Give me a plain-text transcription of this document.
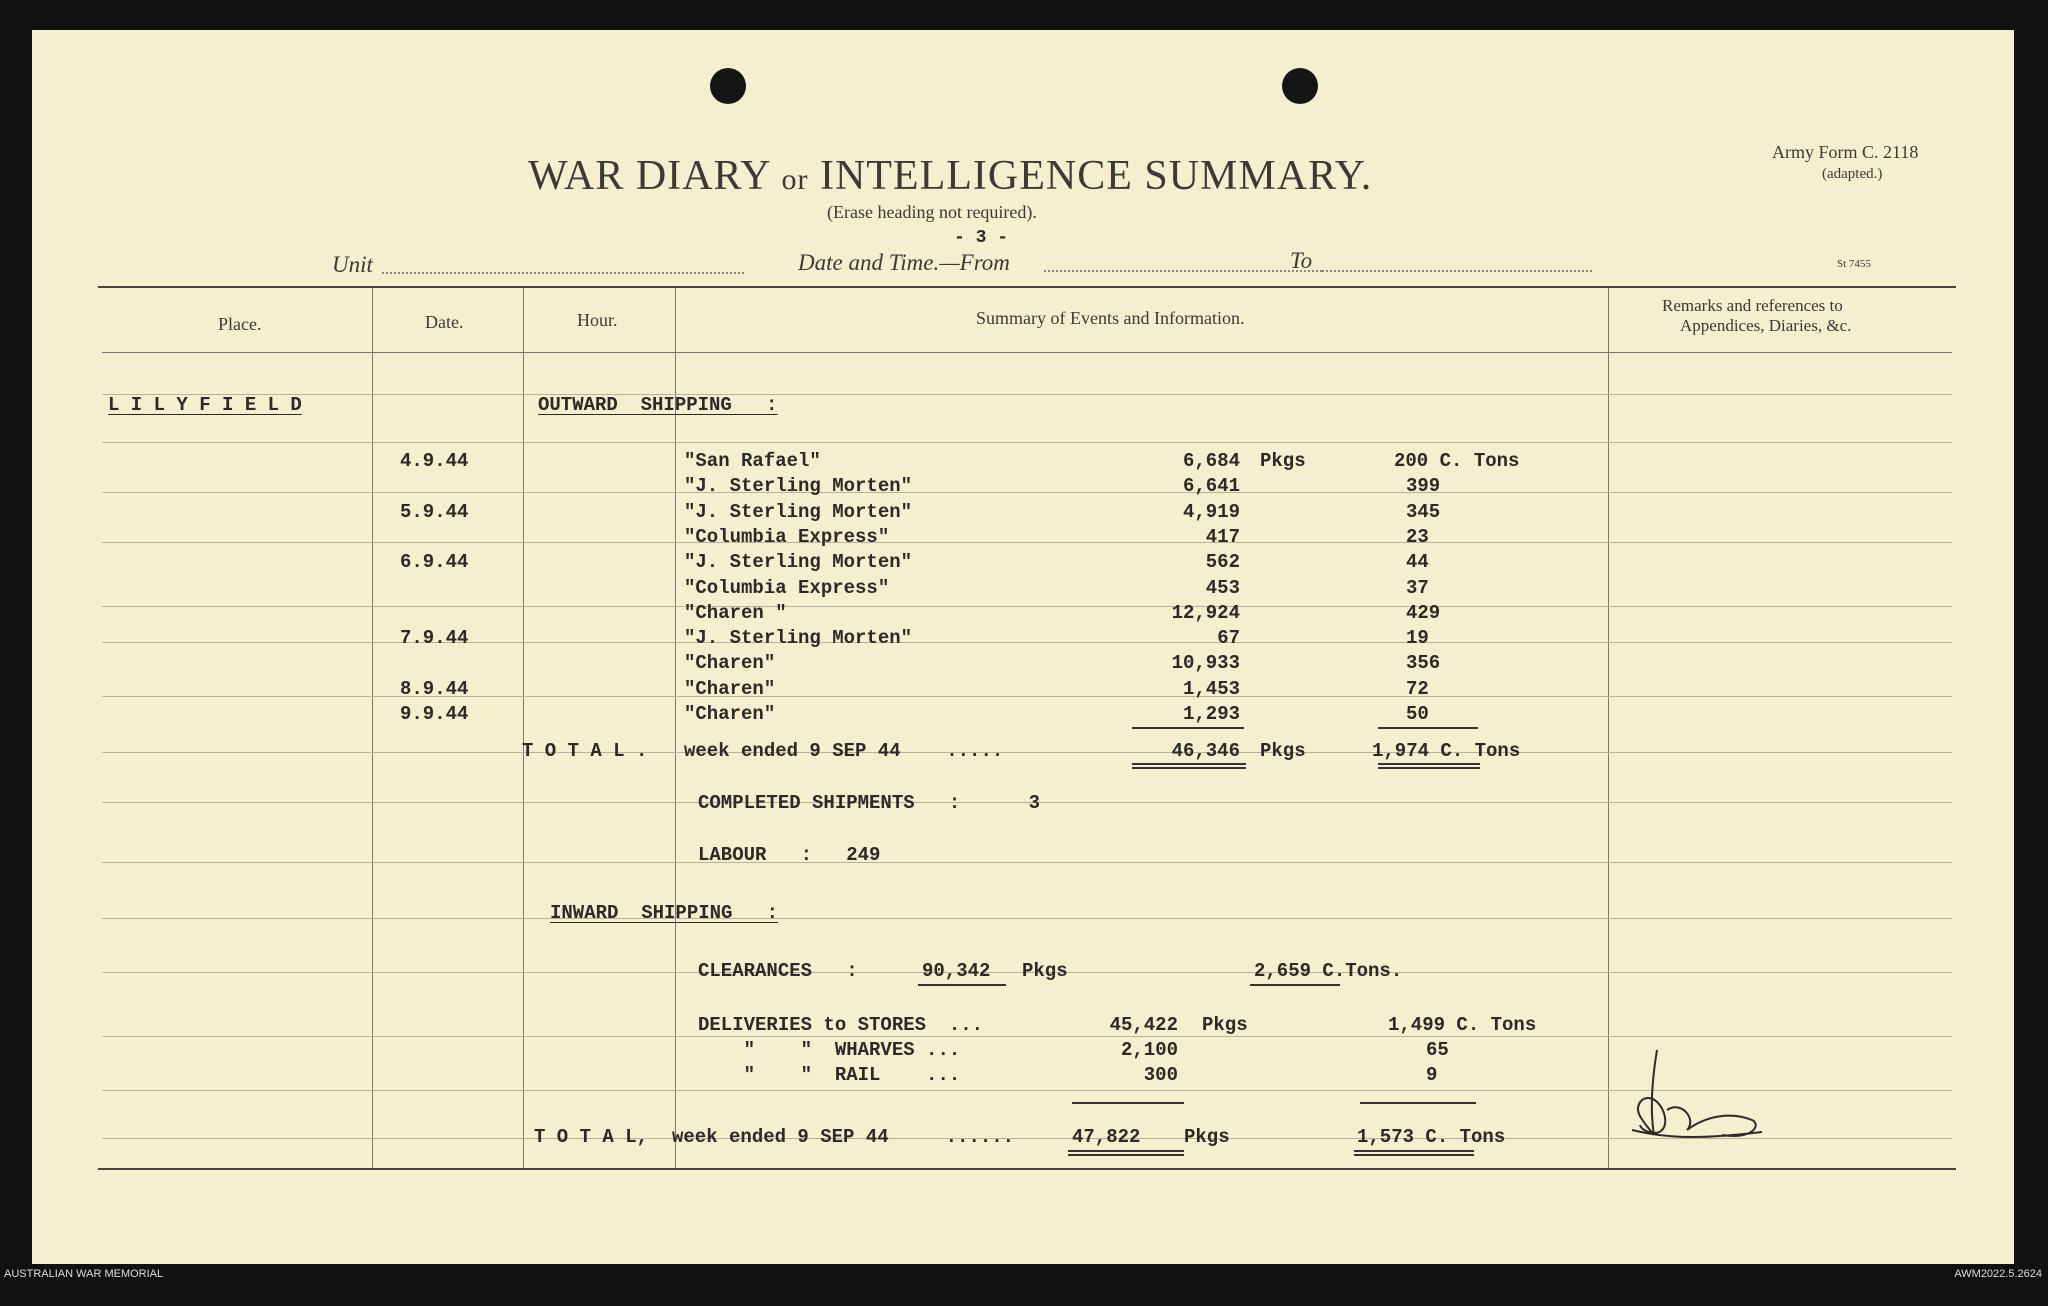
WAR DIARY or INTELLIGENCE SUMMARY.
(Erase heading not required).
- 3 -
Army Form C. 2118
(adapted.)
St 7455
Unit	Date and Time.—From	To
Place.	Date.	Hour.	Summary of Events and Information.
Remarks and references to
Appendices, Diaries, &c.
L I L Y F I E L D	OUTWARD  SHIPPING   :
4.9.44	"San Rafael"	6,684 Pkgs	200 C. Tons
"J. Sterling Morten"	6,641	399
5.9.44	"J. Sterling Morten"	4,919	345
"Columbia Express"	417	23
6.9.44	"J. Sterling Morten"	562	44
"Columbia Express"	453	37
"Charen "	12,924	429
7.9.44	"J. Sterling Morten"	67	19
"Charen"	10,933	356
8.9.44	"Charen"	1,453	72
9.9.44	"Charen"	1,293	50
T O T A L . week ended 9 SEP 44    .....	46,346 Pkgs	1,974 C. Tons
COMPLETED SHIPMENTS   :      3
LABOUR   :   249
INWARD  SHIPPING   :
CLEARANCES   :	90,342 Pkgs	2,659 C.Tons.
DELIVERIES to STORES  ...	45,422 Pkgs	1,499 C. Tons
"    "  WHARVES ...	2,100	65
"    "  RAIL    ...	300	9
T O T A L, week ended 9 SEP 44     ......	47,822 Pkgs	1,573 C. Tons
AUSTRALIAN WAR MEMORIAL	AWM2022.5.2624
